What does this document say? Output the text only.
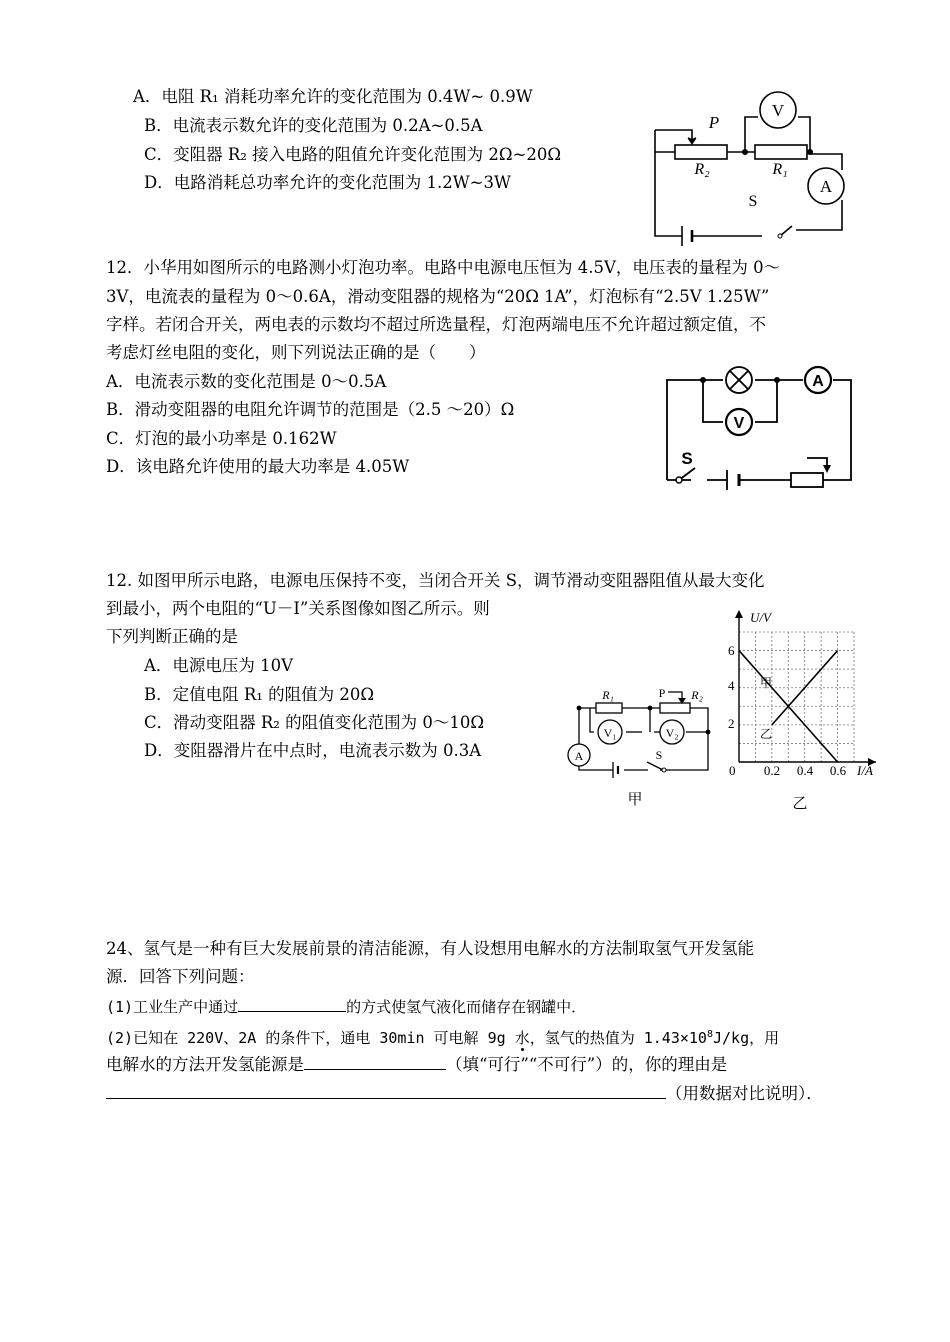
A．电阻 R₁ 消耗功率允许的变化范围为 0.4W~ 0.9W
B．电流表示数允许的变化范围为 0.2A~0.5A
C．变阻器 R₂ 接入电路的阻值允许变化范围为 2Ω~20Ω
D．电路消耗总功率允许的变化范围为 1.2W~3W
V
A
P
R₂	R₁
S
12．小华用如图所示的电路测小灯泡功率。电路中电源电压恒为 4.5V，电压表的量程为 0～
3V，电流表的量程为 0～0.6A，滑动变阻器的规格为“20Ω 1A”，灯泡标有“2.5V 1.25W”
字样。若闭合开关，两电表的示数均不超过所选量程，灯泡两端电压不允许超过额定值，不
考虑灯丝电阻的变化，则下列说法正确的是（　　）
A．电流表示数的变化范围是 0～0.5A
B．滑动变阻器的电阻允许调节的范围是（2.5 ～20）Ω
C．灯泡的最小功率是 0.162W
D．该电路允许使用的最大功率是 4.05W
A
V
S
12. 如图甲所示电路，电源电压保持不变，当闭合开关 S，调节滑动变阻器阻值从最大变化
到最小，两个电阻的“U－I”关系图像如图乙所示。则
下列判断正确的是
A．电源电压为 10V
B．定值电阻 R₁ 的阻值为 20Ω
C．滑动变阻器 R₂ 的阻值变化范围为 0～10Ω
D．变阻器滑片在中点时，电流表示数为 0.3A
R₁	P R₂
V₁	V₂
A	S
甲
U/V
I/A
0 0.2 0.4 0.6
2
4
6
甲
乙
乙
24、氢气是一种有巨大发展前景的清洁能源，有人设想用电解水的方法制取氢气开发氢能
源．回答下列问题：
(1)工业生产中通过	的方式使氢气液化而储存在钢罐中．
(2)已知在 220V、2A 的条件下，通电 30min 可电解 9g 水，氢气的热值为 $1.43\times 10^8J/kg$，用
电解水的方法开发氢能源是	（填“可行”“不可行”）的，你的理由是
（用数据对比说明）．
